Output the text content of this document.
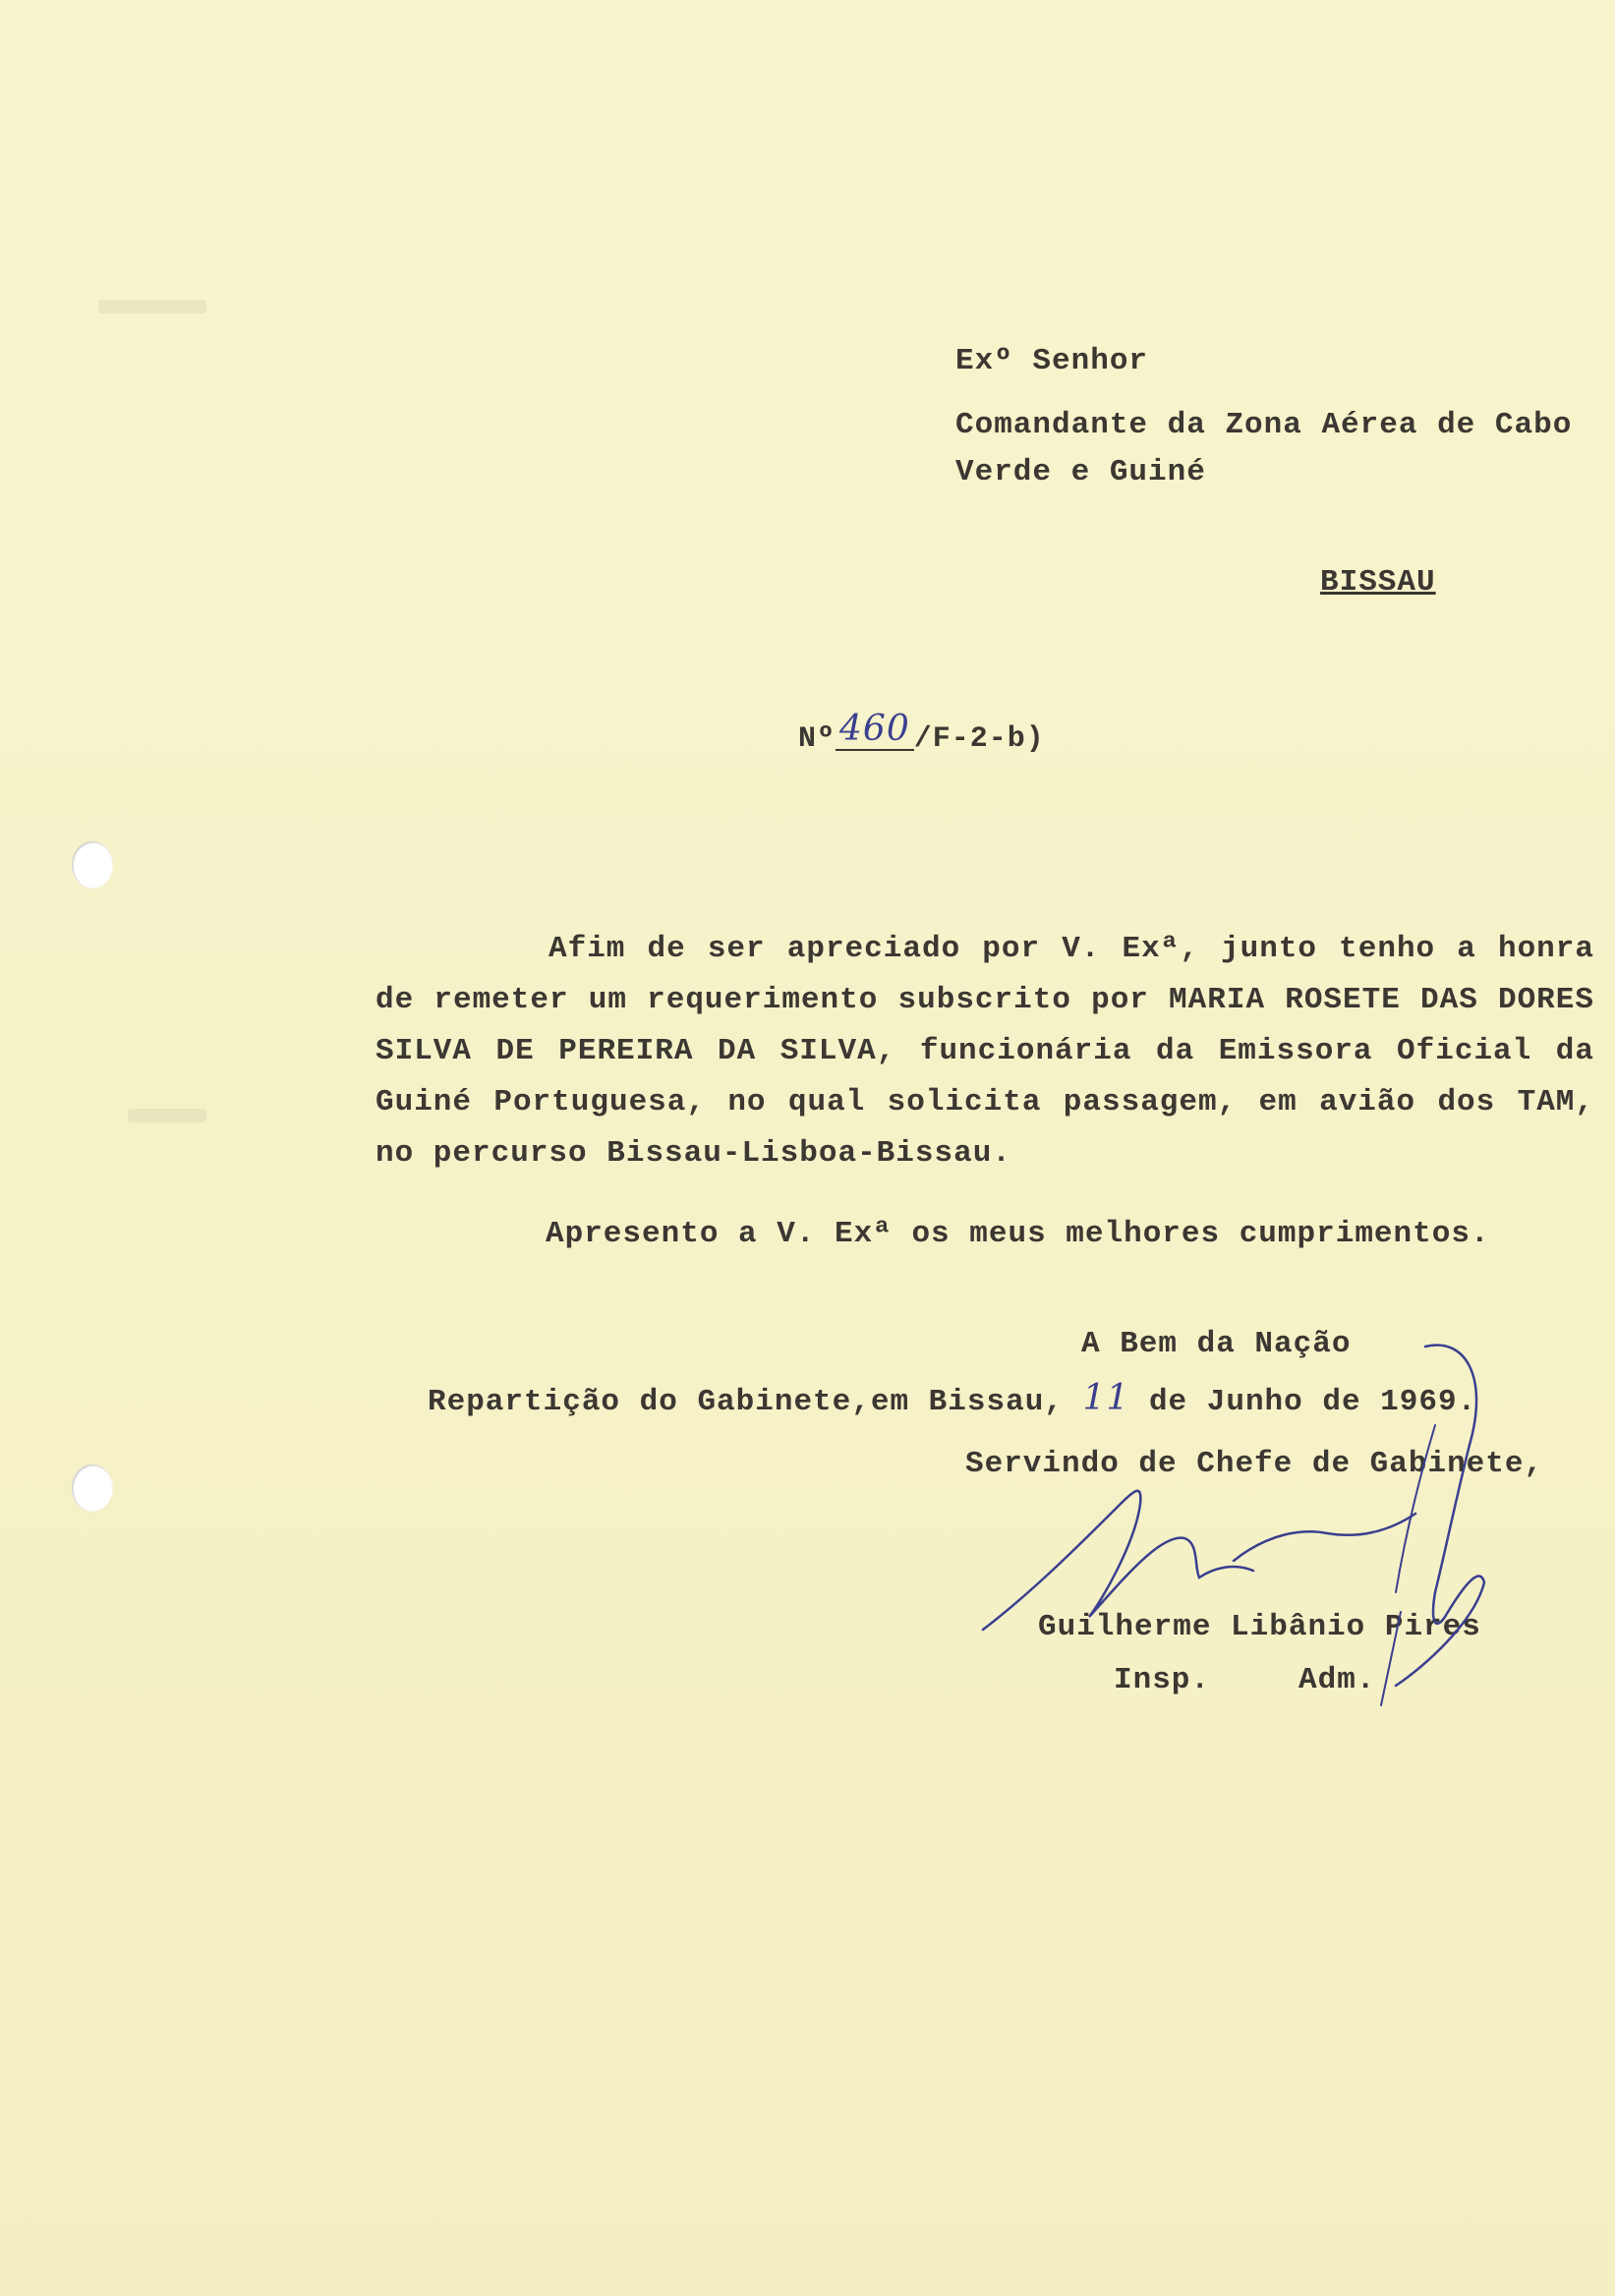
Exº Senhor
Comandante da Zona Aérea de Cabo
Verde e Guiné
BISSAU
Nº 460 /F-2-b)

Afim de ser apreciado por V. Exª, junto tenho a honra de remeter um requerimento subscrito por MARIA ROSETE DAS DORES SILVA DE PEREIRA DA SILVA, funcionária da Emissora Oficial da Guiné Portuguesa, no qual solicita passagem, em avião dos TAM, no percurso Bissau-Lisboa-Bissau.

Apresento a V. Exª os meus melhores cumprimentos.
A Bem da Nação
Repartição do Gabinete,em Bissau, 11 de Junho de 1969.
Servindo de Chefe de Gabinete,
Guilherme Libânio Pires
Insp.	Adm.
